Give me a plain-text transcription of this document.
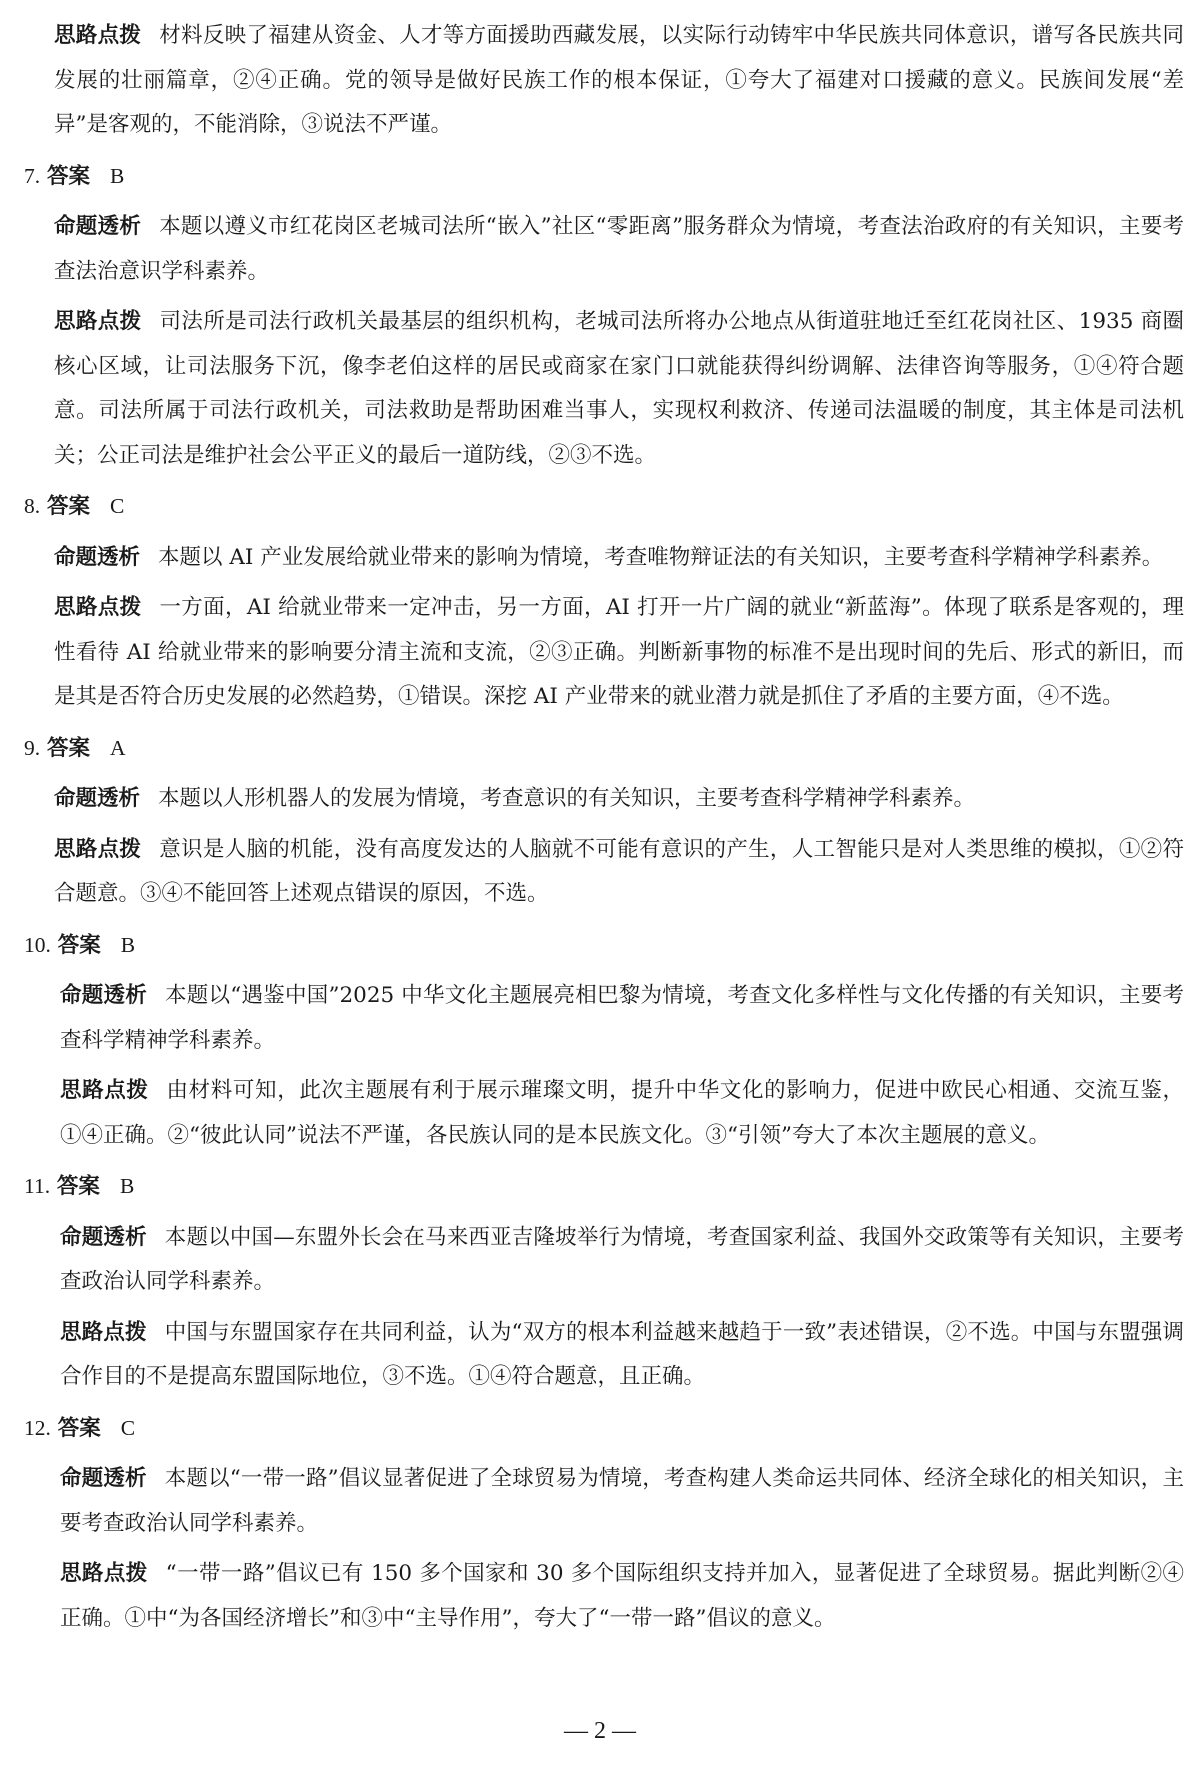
思路点拨 材料反映了福建从资金、人才等方面援助西藏发展，以实际行动铸牢中华民族共同体意识，谱写各民族共同发展的壮丽篇章，②④正确。党的领导是做好民族工作的根本保证，①夸大了福建对口援藏的意义。民族间发展“差异”是客观的，不能消除，③说法不严谨。

7. 答案 B

命题透析 本题以遵义市红花岗区老城司法所“嵌入”社区“零距离”服务群众为情境，考查法治政府的有关知识，主要考查法治意识学科素养。

思路点拨 司法所是司法行政机关最基层的组织机构，老城司法所将办公地点从街道驻地迁至红花岗社区、1935 商圈核心区域，让司法服务下沉，像李老伯这样的居民或商家在家门口就能获得纠纷调解、法律咨询等服务，①④符合题意。司法所属于司法行政机关，司法救助是帮助困难当事人，实现权利救济、传递司法温暖的制度，其主体是司法机关；公正司法是维护社会公平正义的最后一道防线，②③不选。

8. 答案 C

命题透析 本题以 AI 产业发展给就业带来的影响为情境，考查唯物辩证法的有关知识，主要考查科学精神学科素养。

思路点拨 一方面，AI 给就业带来一定冲击，另一方面，AI 打开一片广阔的就业“新蓝海”。体现了联系是客观的，理性看待 AI 给就业带来的影响要分清主流和支流，②③正确。判断新事物的标准不是出现时间的先后、形式的新旧，而是其是否符合历史发展的必然趋势，①错误。深挖 AI 产业带来的就业潜力就是抓住了矛盾的主要方面，④不选。

9. 答案 A

命题透析 本题以人形机器人的发展为情境，考查意识的有关知识，主要考查科学精神学科素养。

思路点拨 意识是人脑的机能，没有高度发达的人脑就不可能有意识的产生，人工智能只是对人类思维的模拟，①②符合题意。③④不能回答上述观点错误的原因，不选。

10. 答案 B

命题透析 本题以“遇鉴中国”2025 中华文化主题展亮相巴黎为情境，考查文化多样性与文化传播的有关知识，主要考查科学精神学科素养。

思路点拨 由材料可知，此次主题展有利于展示璀璨文明，提升中华文化的影响力，促进中欧民心相通、交流互鉴，①④正确。②“彼此认同”说法不严谨，各民族认同的是本民族文化。③“引领”夸大了本次主题展的意义。

11. 答案 B

命题透析 本题以中国—东盟外长会在马来西亚吉隆坡举行为情境，考查国家利益、我国外交政策等有关知识，主要考查政治认同学科素养。

思路点拨 中国与东盟国家存在共同利益，认为“双方的根本利益越来越趋于一致”表述错误，②不选。中国与东盟强调合作目的不是提高东盟国际地位，③不选。①④符合题意，且正确。

12. 答案 C

命题透析 本题以“一带一路”倡议显著促进了全球贸易为情境，考查构建人类命运共同体、经济全球化的相关知识，主要考查政治认同学科素养。

思路点拨 “一带一路”倡议已有 150 多个国家和 30 多个国际组织支持并加入，显著促进了全球贸易。据此判断②④正确。①中“为各国经济增长”和③中“主导作用”，夸大了“一带一路”倡议的意义。

— 2 —
